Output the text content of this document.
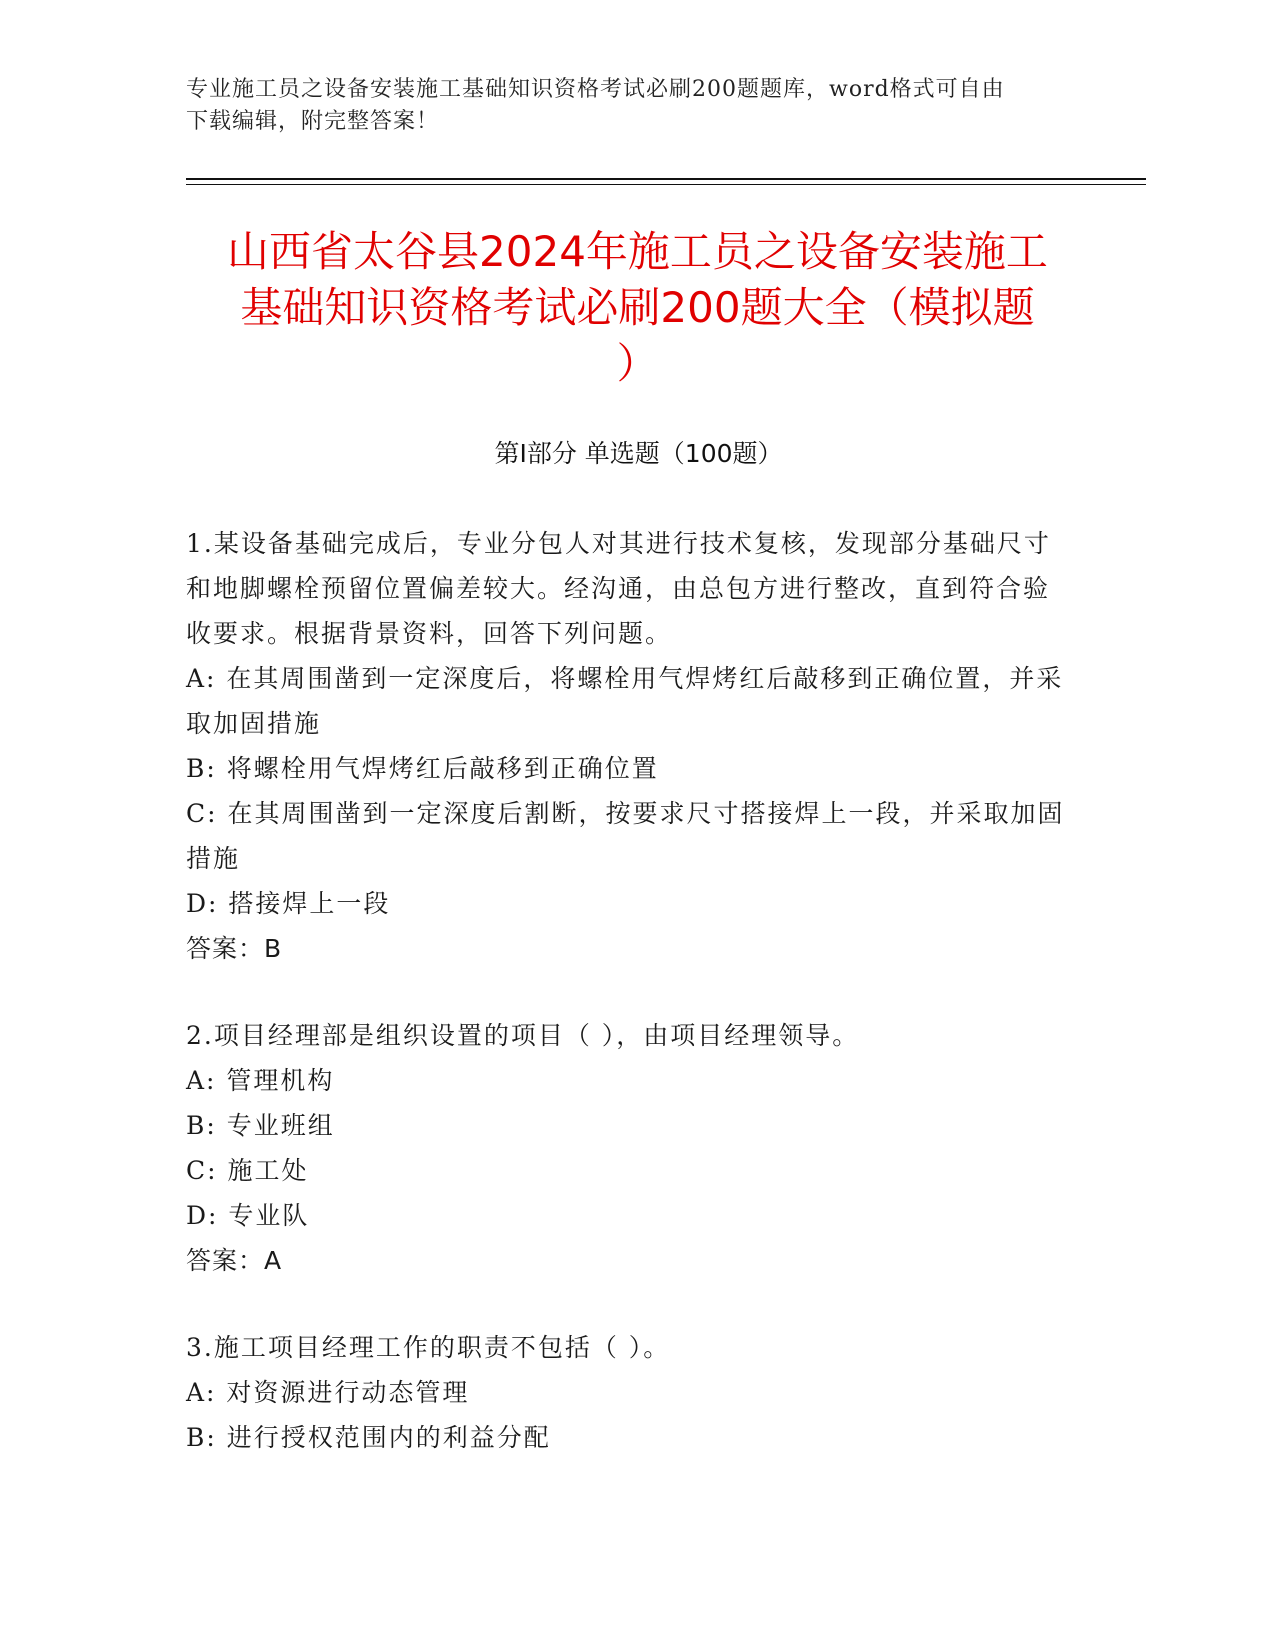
专业施工员之设备安装施工基础知识资格考试必刷200题题库，word格式可自由
下载编辑，附完整答案！
山西省太谷县2024年施工员之设备安装施工
基础知识资格考试必刷200题大全（模拟题
）
第Ⅰ部分 单选题（100题）

1.某设备基础完成后，专业分包人对其进行技术复核，发现部分基础尺寸和地脚螺栓预留位置偏差较大。经沟通，由总包方进行整改，直到符合验收要求。根据背景资料，回答下列问题。

A: 在其周围凿到一定深度后，将螺栓用气焊烤红后敲移到正确位置，并采取加固措施

B: 将螺栓用气焊烤红后敲移到正确位置

C: 在其周围凿到一定深度后割断，按要求尺寸搭接焊上一段，并采取加固措施

D: 搭接焊上一段

答案：B

2.项目经理部是组织设置的项目（ ），由项目经理领导。

A: 管理机构

B: 专业班组

C: 施工处

D: 专业队

答案：A

3.施工项目经理工作的职责不包括（ ）。

A: 对资源进行动态管理

B: 进行授权范围内的利益分配
